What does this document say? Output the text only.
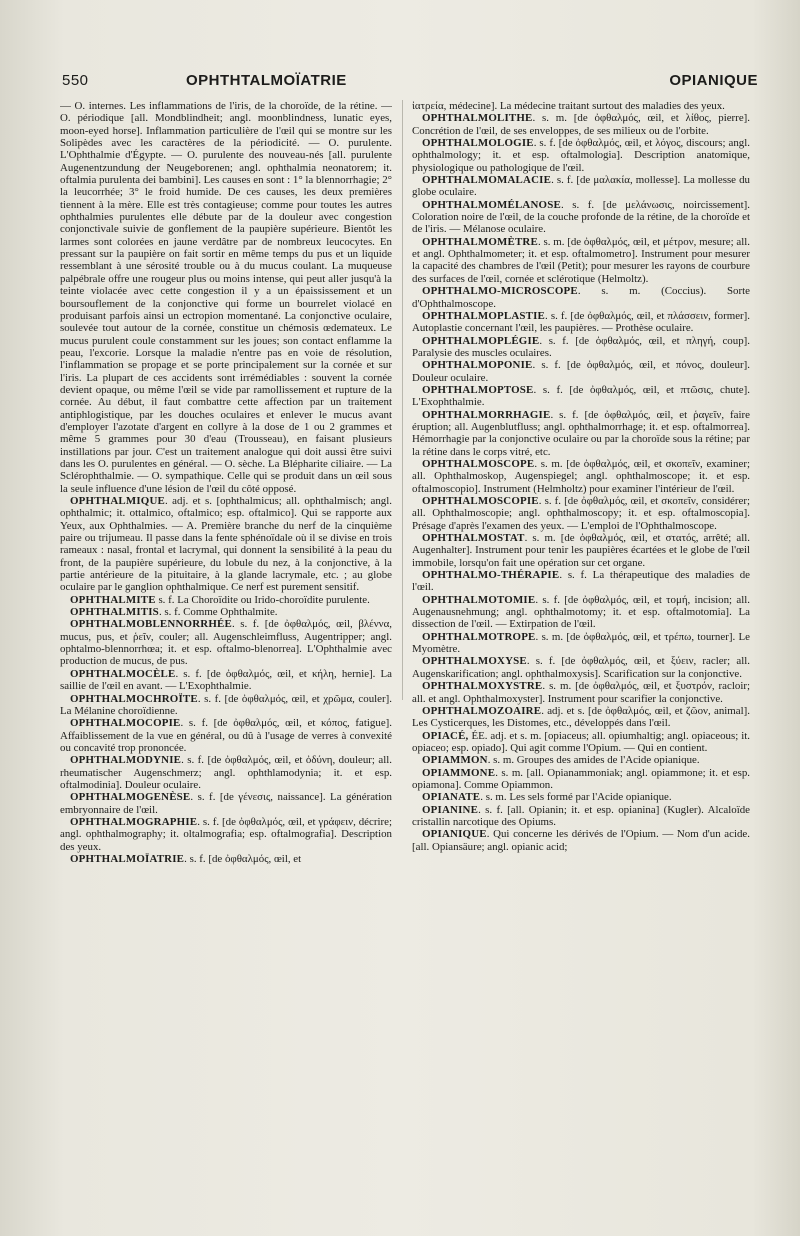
550	OPHTHTALMOÏATRIE	OPIANIQUE

— O. internes. Les inflammations de l'iris, de la choroïde, de la rétine. — O. périodique [all. Mondblindheit; angl. moonblindness, lunatic eyes, moon-eyed horse]. Inflammation particulière de l'œil qui se montre sur les Solipèdes avec les caractères de la périodicité. — O. purulente. L'Ophthalmie d'Égypte. — O. purulente des nouveau-nés [all. purulente Augenentzundung der Neugeborenen; angl. ophthalmia neonatorem; it. oftalmia purulenta dei bambini]. Les causes en sont : 1° la blennorrhagie; 2° la leucorrhée; 3° le froid humide. De ces causes, les deux premières tiennent à la mère. Elle est très contagieuse; comme pour toutes les autres ophthalmies purulentes elle débute par de la douleur avec congestion conjonctivale suivie de gonflement de la paupière supérieure. Bientôt les larmes sont colorées en jaune verdâtre par de nombreux leucocytes. En pressant sur la paupière on fait sortir en même temps du pus et un liquide ressemblant à une sérosité trouble ou à du mucus coulant. La muqueuse palpébrale offre une rougeur plus ou moins intense, qui peut aller jusqu'à la teinte violacée avec cette congestion il y a un épaississement et un boursouflement de la conjonctive qui forme un bourrelet violacé en produisant parfois ainsi un ectropion momentané. La conjonctive oculaire, soulevée tout autour de la cornée, constitue un chémosis œdemateux. Le mucus purulent coule constamment sur les joues; son contact enflamme la peau, l'excorie. Lorsque la maladie n'entre pas en voie de résolution, l'inflammation se propage et se porte principalement sur la cornée et sur l'iris. La plupart de ces accidents sont irrémédiables : souvent la cornée devient opaque, ou même l'œil se vide par ramollissement et rupture de la cornée. Au début, il faut combattre cette affection par un traitement antiphlogistique, par les douches oculaires et enlever le mucus avant d'employer l'azotate d'argent en collyre à la dose de 1 ou 2 grammes et même 5 grammes pour 30 d'eau (Trousseau), en faisant plusieurs instillations par jour. C'est un traitement analogue qui doit aussi être suivi dans les O. purulentes en général. — O. sèche. La Blépharite ciliaire. — La Sclérophthalmie. — O. sympathique. Celle qui se produit dans un œil sous la seule influence d'une lésion de l'œil du côté opposé.

OPHTHALMIQUE. adj. et s. [ophthalmicus; all. ophthalmisch; angl. ophthalmic; it. ottalmico, oftalmico; esp. oftalmico]. Qui se rapporte aux Yeux, aux Ophthalmies. — A. Première branche du nerf de la cinquième paire ou trijumeau. Il passe dans la fente sphénoïdale où il se divise en trois rameaux : nasal, frontal et lacrymal, qui donnent la sensibilité à la peau du front, de la paupière supérieure, du lobule du nez, à la conjonctive, à la partie antérieure de la pituitaire, à la glande lacrymale, etc. ; au globe oculaire par le ganglion ophthalmique. Ce nerf est purement sensitif.

OPHTHALMITE s. f. La Choroïdite ou Irido-choroïdite purulente.

OPHTHALMITIS. s. f. Comme Ophthalmite.

OPHTHALMOBLENNORRHÉE. s. f. [de ὀφθαλμός, œil, βλέννα, mucus, pus, et ῥεῖν, couler; all. Augenschleimfluss, Augentripper; angl. ophtalmo-blennorrhœa; it. et esp. oftalmo-blenorrea]. L'Ophthalmie avec production de mucus, de pus.

OPHTHALMOCÈLE. s. f. [de ὀφθαλμός, œil, et κήλη, hernie]. La saillie de l'œil en avant. — L'Exophthalmie.

OPHTHALMOCHROÏTE. s. f. [de ὀφθαλμός, œil, et χρῶμα, couler]. La Mélanine choroïdienne.

OPHTHALMOCOPIE. s. f. [de ὀφθαλμός, œil, et κόπος, fatigue]. Affaiblissement de la vue en général, ou dû à l'usage de verres à convexité ou concavité trop prononcée.

OPHTHALMODYNIE. s. f. [de ὀφθαλμός, œil, et ὀδύνη, douleur; all. rheumatischer Augenschmerz; angl. ophthlamodynia; it. et esp. oftalmodinia]. Douleur oculaire.

OPHTHALMOGENÈSE. s. f. [de γένεσις, naissance]. La génération embryonnaire de l'œil.

OPHTHALMOGRAPHIE. s. f. [de ὀφθαλμός, œil, et γράφειν, décrire; angl. ophthalmography; it. oltalmografia; esp. oftalmografia]. Description des yeux.

OPHTHALMOÏATRIE. s. f. [de ὀφθαλμός, œil, et

ἰατρεία, médecine]. La médecine traitant surtout des maladies des yeux.

OPHTHALMOLITHE. s. m. [de ὀφθαλμός, œil, et λίθος, pierre]. Concrétion de l'œil, de ses enveloppes, de ses milieux ou de l'orbite.

OPHTHALMOLOGIE. s. f. [de ὀφθαλμός, œil, et λόγος, discours; angl. ophthalmology; it. et esp. oftalmologia]. Description anatomique, physiologique ou pathologique de l'œil.

OPHTHALMOMALACIE. s. f. [de μαλακία, mollesse]. La mollesse du globe oculaire.

OPHTHALMOMÉLANOSE. s. f. [de μελάνωσις, noircissement]. Coloration noire de l'œil, de la couche profonde de la rétine, de la choroïde et de l'iris. — Mélanose oculaire.

OPHTHALMOMÈTRE. s. m. [de ὀφθαλμός, œil, et μέτρον, mesure; all. et angl. Ophthalmometer; it. et esp. oftalmometro]. Instrument pour mesurer la capacité des chambres de l'œil (Petit); pour mesurer les rayons de courbure des surfaces de l'œil, cornée et sclérotique (Helmoltz).

OPHTHALMO-MICROSCOPE. s. m. (Coccius). Sorte d'Ophthalmoscope.

OPHTHALMOPLASTIE. s. f. [de ὀφθαλμός, œil, et πλάσσειν, former]. Autoplastie concernant l'œil, les paupières. — Prothèse oculaire.

OPHTHALMOPLÉGIE. s. f. [de ὀφθαλμός, œil, et πληγή, coup]. Paralysie des muscles oculaires.

OPHTHALMOPONIE. s. f. [de ὀφθαλμός, œil, et πόνος, douleur]. Douleur oculaire.

OPHTHALMOPTOSE. s. f. [de ὀφθαλμός, œil, et πτῶσις, chute]. L'Exophthalmie.

OPHTHALMORRHAGIE. s. f. [de ὀφθαλμός, œil, et ῥαγεῖν, faire éruption; all. Augenblutfluss; angl. ophthalmorrhage; it. et esp. oftalmorrea]. Hémorrhagie par la conjonctive oculaire ou par la choroïde sous la rétine; par la rétine dans le corps vitré, etc.

OPHTHALMOSCOPE. s. m. [de ὀφθαλμός, œil, et σκοπεῖν, examiner; all. Ophthalmoskop, Augenspiegel; angl. ophthalmoscope; it. et esp. oftalmoscopio]. Instrument (Helmholtz) pour examiner l'intérieur de l'œil.

OPHTHALMOSCOPIE. s. f. [de ὀφθαλμός, œil, et σκοπεῖν, considérer; all. Ophthalmoscopie; angl. ophthalmoscopy; it. et esp. oftalmoscopia]. Présage d'après l'examen des yeux. — L'emploi de l'Ophthalmoscope.

OPHTHALMOSTAT. s. m. [de ὀφθαλμός, œil, et στατός, arrêté; all. Augenhalter]. Instrument pour tenir les paupières écartées et le globe de l'œil immobile, lorsqu'on fait une opération sur cet organe.

OPHTHALMO-THÉRAPIE. s. f. La thérapeutique des maladies de l'œil.

OPHTHALMOTOMIE. s. f. [de ὀφθαλμός, œil, et τομή, incision; all. Augenausnehmung; angl. ophthalmotomy; it. et esp. oftalmotomia]. La dissection de l'œil. — Extirpation de l'œil.

OPHTHALMOTROPE. s. m. [de ὀφθαλμός, œil, et τρέπω, tourner]. Le Myomètre.

OPHTHALMOXYSE. s. f. [de ὀφθαλμός, œil, et ξύειν, racler; all. Augenskarification; angl. ophthalmoxysis]. Scarification sur la conjonctive.

OPHTHALMOXYSTRE. s. m. [de ὀφθαλμός, œil, et ξυστρόν, racloir; all. et angl. Ophthalmoxyster]. Instrument pour scarifier la conjonctive.

OPHTHALMOZOAIRE. adj. et s. [de ὀφθαλμός, œil, et ζῶον, animal]. Les Cysticerques, les Distomes, etc., développés dans l'œil.

OPIACÉ, ÉE. adj. et s. m. [opiaceus; all. opiumhaltig; angl. opiaceous; it. opiaceo; esp. opiado]. Qui agit comme l'Opium. — Qui en contient.

OPIAMMON. s. m. Groupes des amides de l'Acide opianique.

OPIAMMONE. s. m. [all. Opianammoniak; angl. opiammone; it. et esp. opiamona]. Comme Opiammon.

OPIANATE. s. m. Les sels formé par l'Acide opianique.

OPIANINE. s. f. [all. Opianin; it. et esp. opianina] (Kugler). Alcaloïde cristallin narcotique des Opiums.

OPIANIQUE. Qui concerne les dérivés de l'Opium. — Nom d'un acide. [all. Opiansäure; angl. opianic acid;
